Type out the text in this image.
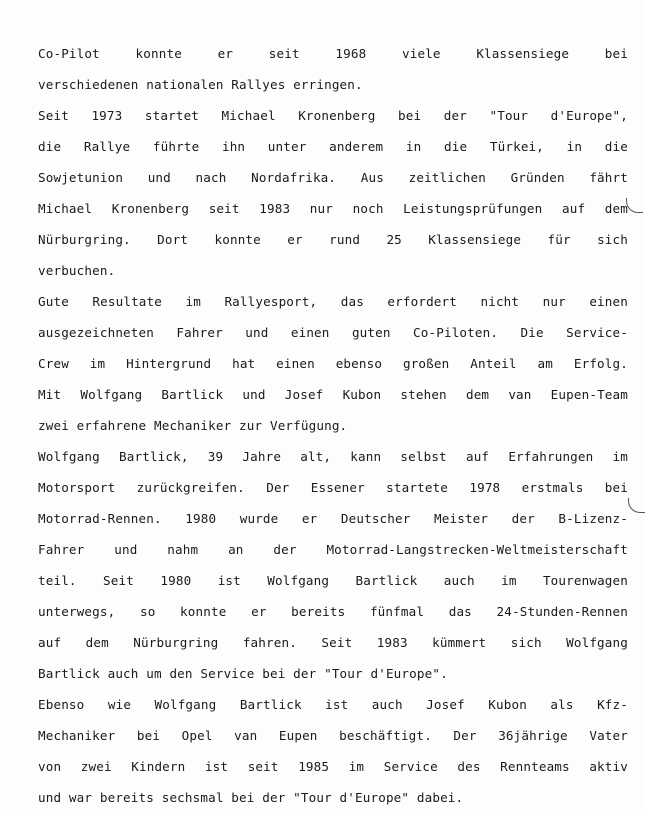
Co-Pilot konnte er seit 1968 viele Klassensiege bei
verschiedenen nationalen Rallyes erringen.
Seit 1973 startet Michael Kronenberg bei der "Tour d'Europe",
die Rallye führte ihn unter anderem in die Türkei, in die
Sowjetunion und nach Nordafrika. Aus zeitlichen Gründen fährt
Michael Kronenberg seit 1983 nur noch Leistungsprüfungen auf dem
Nürburgring. Dort konnte er rund 25 Klassensiege für sich
verbuchen.
Gute Resultate im Rallyesport, das erfordert nicht nur einen
ausgezeichneten Fahrer und einen guten Co-Piloten. Die Service-
Crew im Hintergrund hat einen ebenso großen Anteil am Erfolg.
Mit Wolfgang Bartlick und Josef Kubon stehen dem van Eupen-Team
zwei erfahrene Mechaniker zur Verfügung.
Wolfgang Bartlick, 39 Jahre alt, kann selbst auf Erfahrungen im
Motorsport zurückgreifen. Der Essener startete 1978 erstmals bei
Motorrad-Rennen. 1980 wurde er Deutscher Meister der B-Lizenz-
Fahrer und nahm an der Motorrad-Langstrecken-Weltmeisterschaft
teil. Seit 1980 ist Wolfgang Bartlick auch im Tourenwagen
unterwegs, so konnte er bereits fünfmal das 24-Stunden-Rennen
auf dem Nürburgring fahren. Seit 1983 kümmert sich Wolfgang
Bartlick auch um den Service bei der "Tour d'Europe".
Ebenso wie Wolfgang Bartlick ist auch Josef Kubon als Kfz-
Mechaniker bei Opel van Eupen beschäftigt. Der 36jährige Vater
von zwei Kindern ist seit 1985 im Service des Rennteams aktiv
und war bereits sechsmal bei der "Tour d'Europe" dabei.
